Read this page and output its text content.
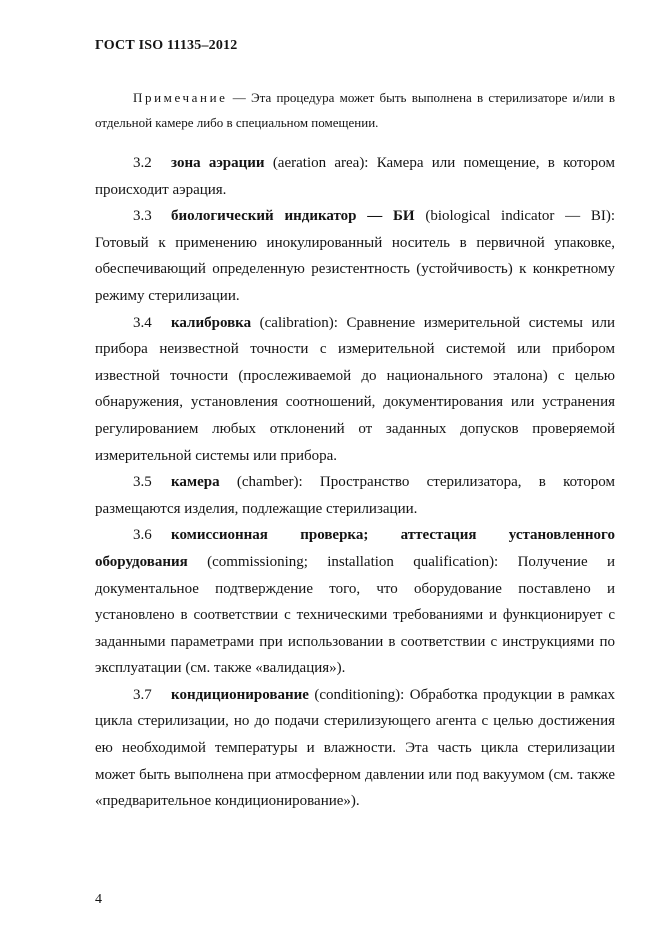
ГОСТ ISO 11135–2012
Примечание — Эта процедура может быть выполнена в стерилизаторе и/или в отдельной камере либо в специальном помещении.

3.2 зона аэрации (aeration area): Камера или помещение, в котором происходит аэрация.

3.3 биологический индикатор — БИ (biological indicator — BI): Готовый к применению инокулированный носитель в первичной упаковке, обеспечивающий определенную резистентность (устойчивость) к конкретному режиму стерилизации.

3.4 калибровка (calibration): Сравнение измерительной системы или прибора неизвестной точности с измерительной системой или прибором известной точности (прослеживаемой до национального эталона) с целью обнаружения, установления соотношений, документирования или устранения регулированием любых отклонений от заданных допусков проверяемой измерительной системы или прибора.

3.5 камера (chamber): Пространство стерилизатора, в котором размещаются изделия, подлежащие стерилизации.

3.6 комиссионная проверка; аттестация установленного оборудования (commissioning; installation qualification): Получение и документальное подтверждение того, что оборудование поставлено и установлено в соответствии с техническими требованиями и функционирует с заданными параметрами при использовании в соответствии с инструкциями по эксплуатации (см. также «валидация»).

3.7 кондиционирование (conditioning): Обработка продукции в рамках цикла стерилизации, но до подачи стерилизующего агента с целью достижения ею необходимой температуры и влажности. Эта часть цикла стерилизации может быть выполнена при атмосферном давлении или под вакуумом (см. также «предварительное кондиционирование»).

4
